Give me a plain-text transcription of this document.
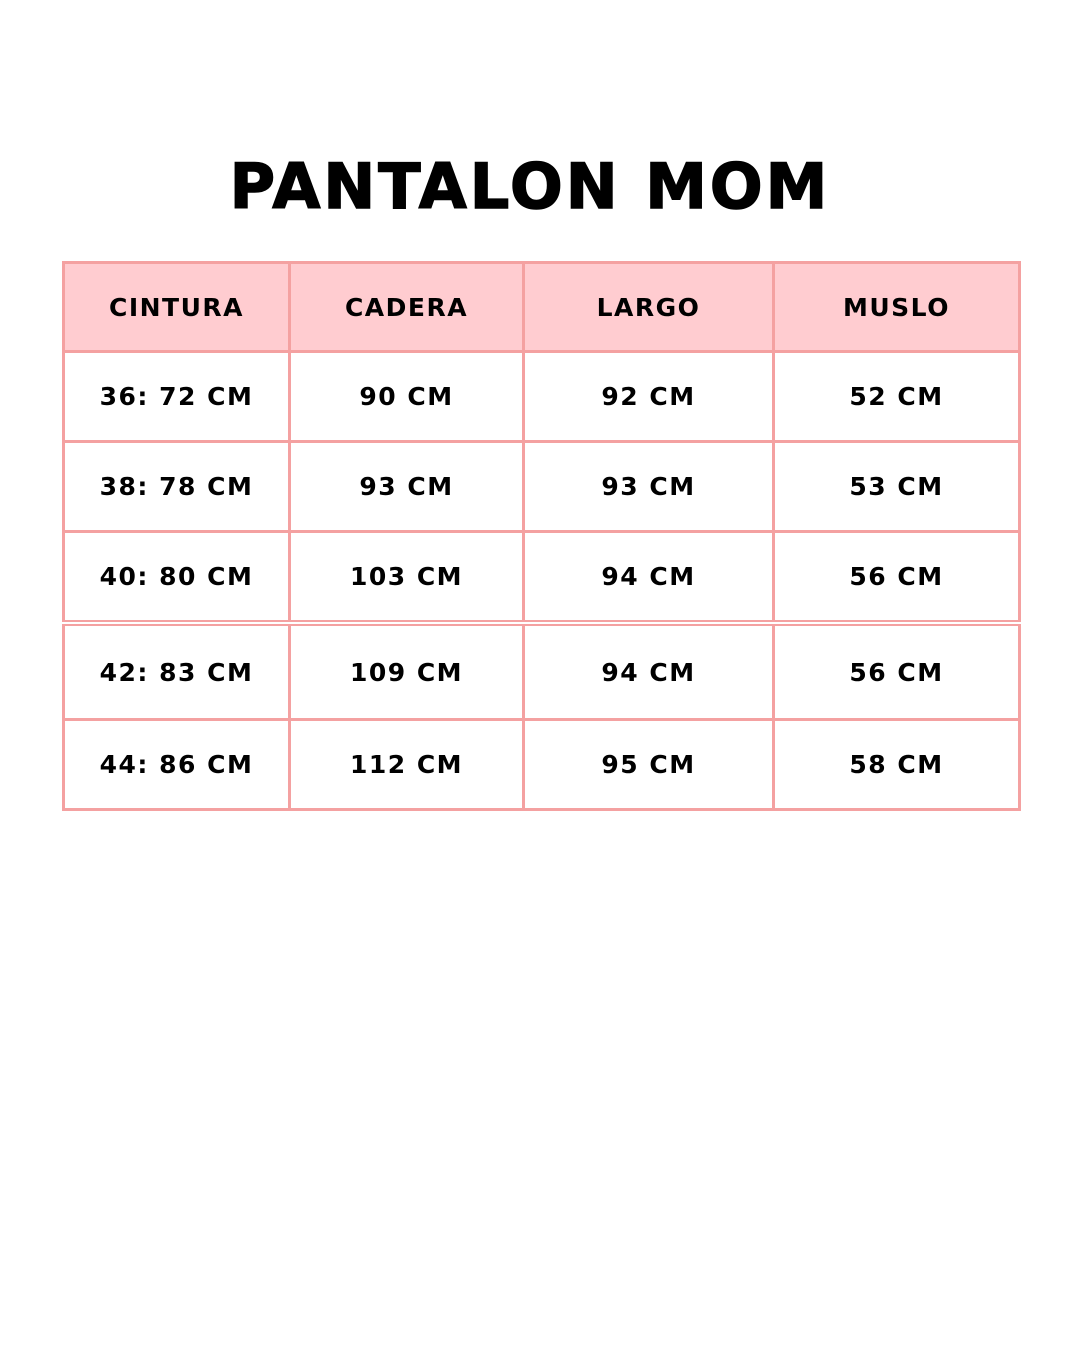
PANTALON MOM
CINTURA	CADERA	LARGO	MUSLO
36: 72 CM	90 CM	92 CM	52 CM
38: 78 CM	93 CM	93 CM	53 CM
40: 80 CM	103 CM	94 CM	56 CM
42: 83 CM	109 CM	94 CM	56 CM
44: 86 CM	112 CM	95 CM	58 CM
